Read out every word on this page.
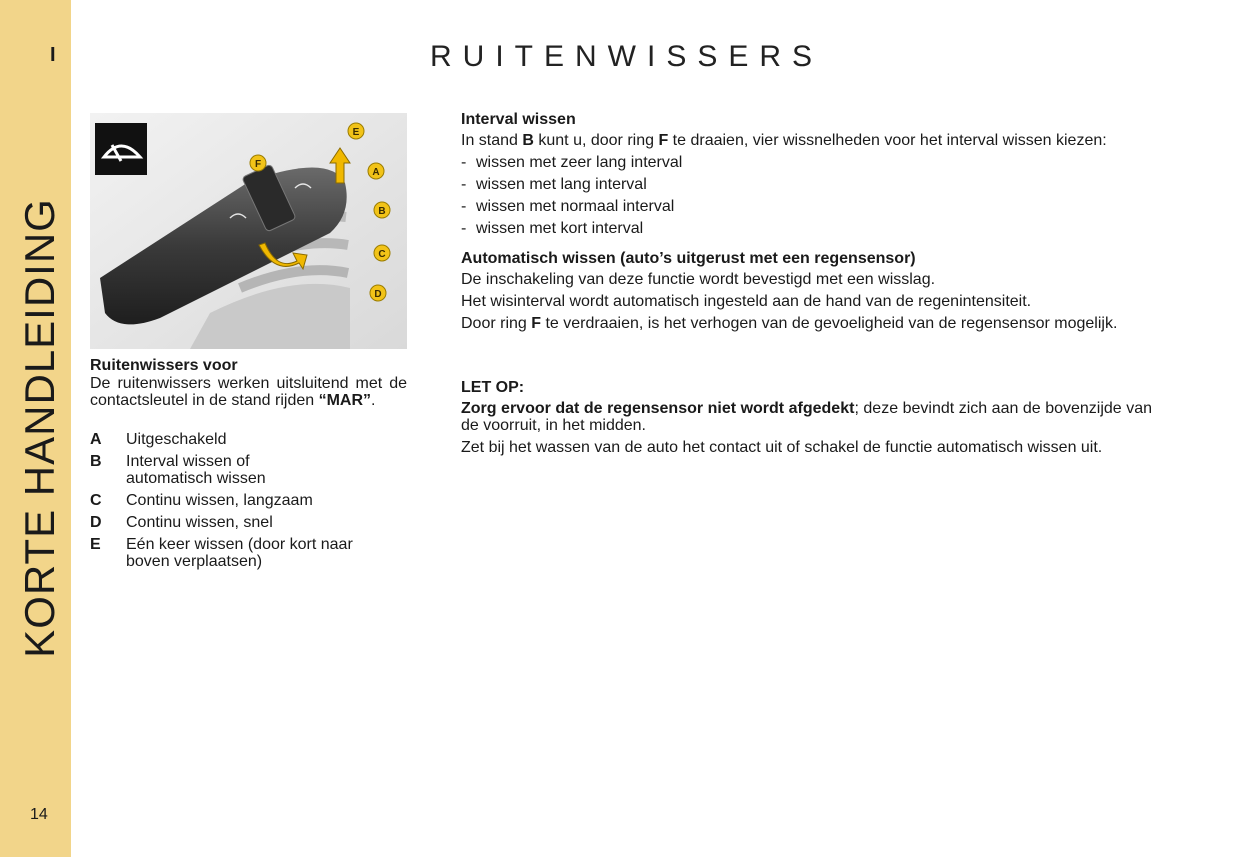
I
KORTE HANDLEIDING
14
RUITENWISSERS
E
F
A
B
C
D
Ruitenwissers voor

De ruitenwissers werken uitsluitend met de contactsleutel in de stand rijden “MAR”.

A	Uitgeschakeld
B	Interval wissen of automatisch wissen
C	Continu wissen, langzaam
D	Continu wissen, snel
E	Eén keer wissen (door kort naar boven verplaatsen)
Interval wissen

In stand B kunt u, door ring F te draaien, vier wissnelheden voor het interval wissen kiezen:

- wissen met zeer lang interval
- wissen met lang interval
- wissen met normaal interval
- wissen met kort interval
Automatisch wissen (auto’s uitgerust met een regensensor)

De inschakeling van deze functie wordt bevestigd met een wisslag.

Het wisinterval wordt automatisch ingesteld aan de hand van de regenintensiteit.

Door ring F te verdraaien, is het verhogen van de gevoeligheid van de regensensor mogelijk.

LET OP:

Zorg ervoor dat de regensensor niet wordt afgedekt; deze bevindt zich aan de bovenzijde van de voorruit, in het midden.

Zet bij het wassen van de auto het contact uit of schakel de functie automatisch wissen uit.
